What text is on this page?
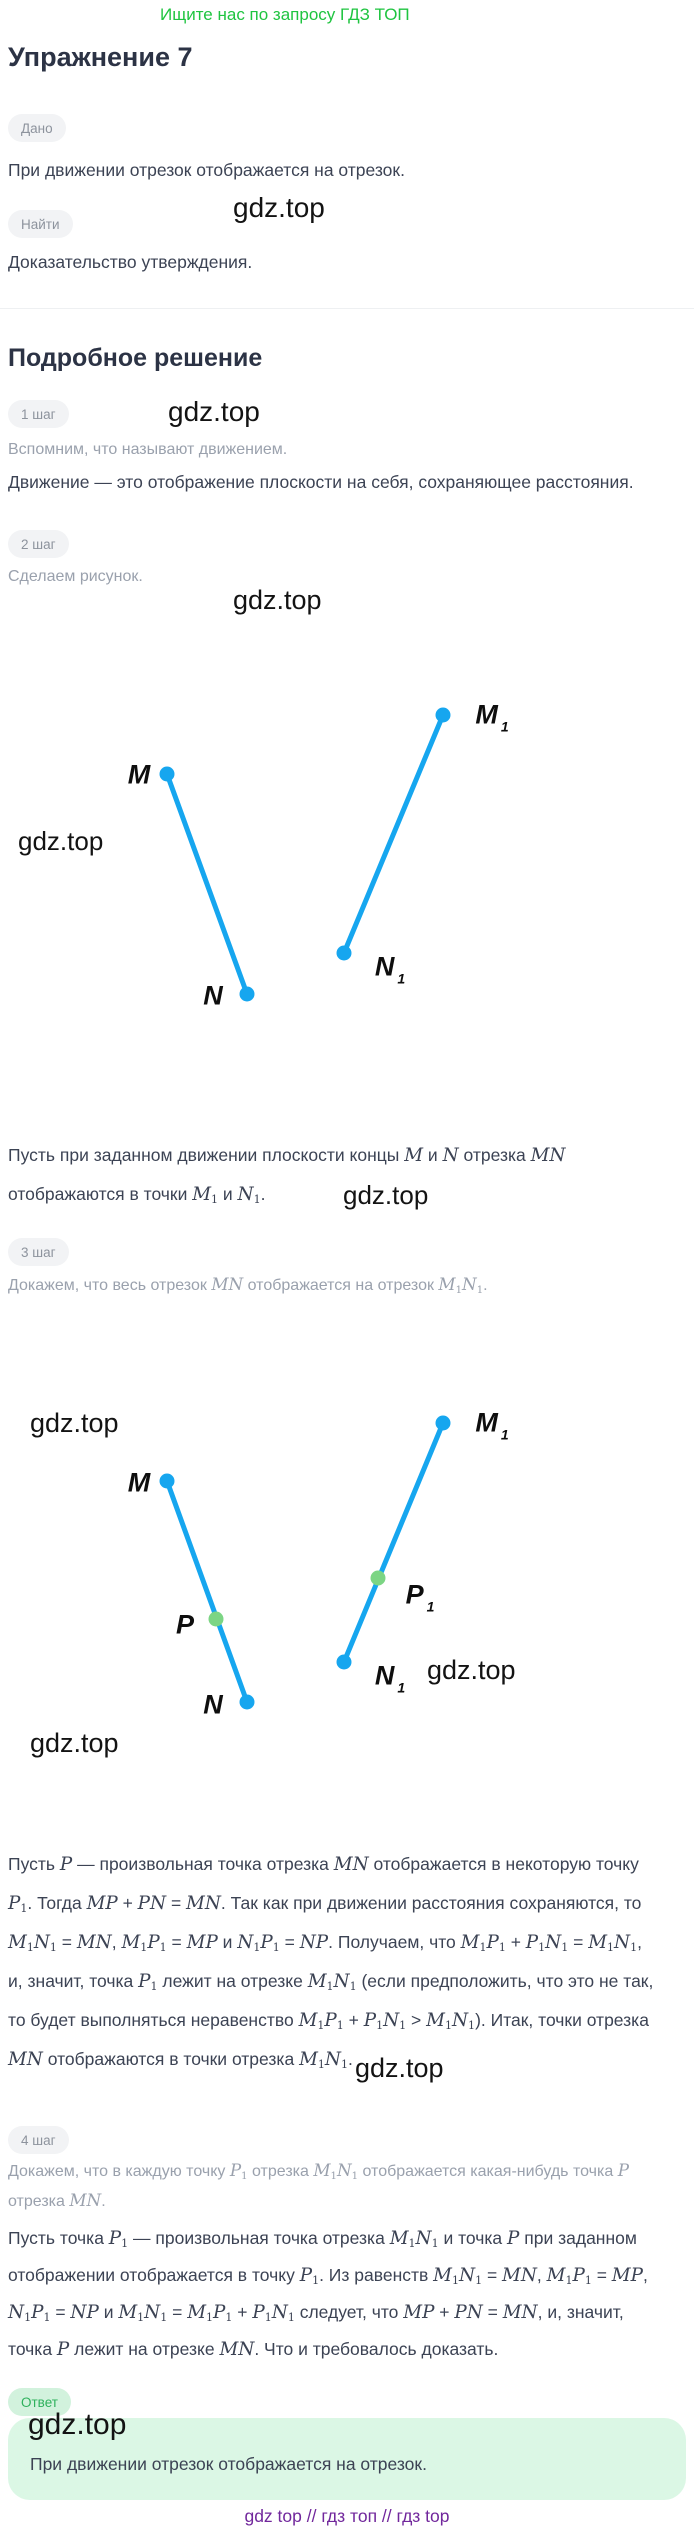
Ищите нас по запросу ГДЗ ТОП
Упражнение 7
Дано

При движении отрезок отображается на отрезок.

gdz.top
Найти

Доказательство утверждения.

Подробное решение
1 шаг	gdz.top

Вспомним, что называют движением.

Движение — это отображение плоскости на себя, сохраняющее расстояния.

2 шаг

Сделаем рисунок.

gdz.top
M
N
M $_1$
N $_1$
gdz.top

Пусть при заданном движении плоскости концы M и N отрезка MN отображаются в точки $M_1$ и $N_1$.	gdz.top
3 шаг

Докажем, что весь отрезок MN отображается на отрезок $M_1N_1$.

M
N
M $_1$
N $_1$
P
P $_1$
gdz.top
gdz.top
gdz.top

Пусть P — произвольная точка отрезка MN отображается в некоторую точку $P_1$. Тогда MP + PN = MN. Так как при движении расстояния сохраняются, то $M_1N_1$ = MN, $M_1P_1$ = MP и $N_1P_1$ = NP. Получаем, что $M_1P_1 + P_1N_1 = M_1N_1$, и, значит, точка $P_1$ лежит на отрезке $M_1N_1$ (если предположить, что это не так, то будет выполняться неравенство $M_1P_1 + P_1N_1 > M_1N_1$). Итак, точки отрезка MN отображаются в точки отрезка $M_1N_1$. gdz.top
4 шаг

Докажем, что в каждую точку $P_1$ отрезка $M_1N_1$ отображается какая-нибудь точка P отрезка MN.

Пусть точка $P_1$ — произвольная точка отрезка $M_1N_1$ и точка P при заданном отображении отображается в точку $P_1$. Из равенств $M_1N_1$ = MN, $M_1P_1$ = MP, $N_1P_1$ = NP и $M_1N_1 = M_1P_1 + P_1N_1$ следует, что MP + PN = MN, и, значит, точка P лежит на отрезке MN. Что и требовалось доказать.

Ответ
gdz.top

При движении отрезок отображается на отрезок.

gdz top // гдз топ // гдз top
